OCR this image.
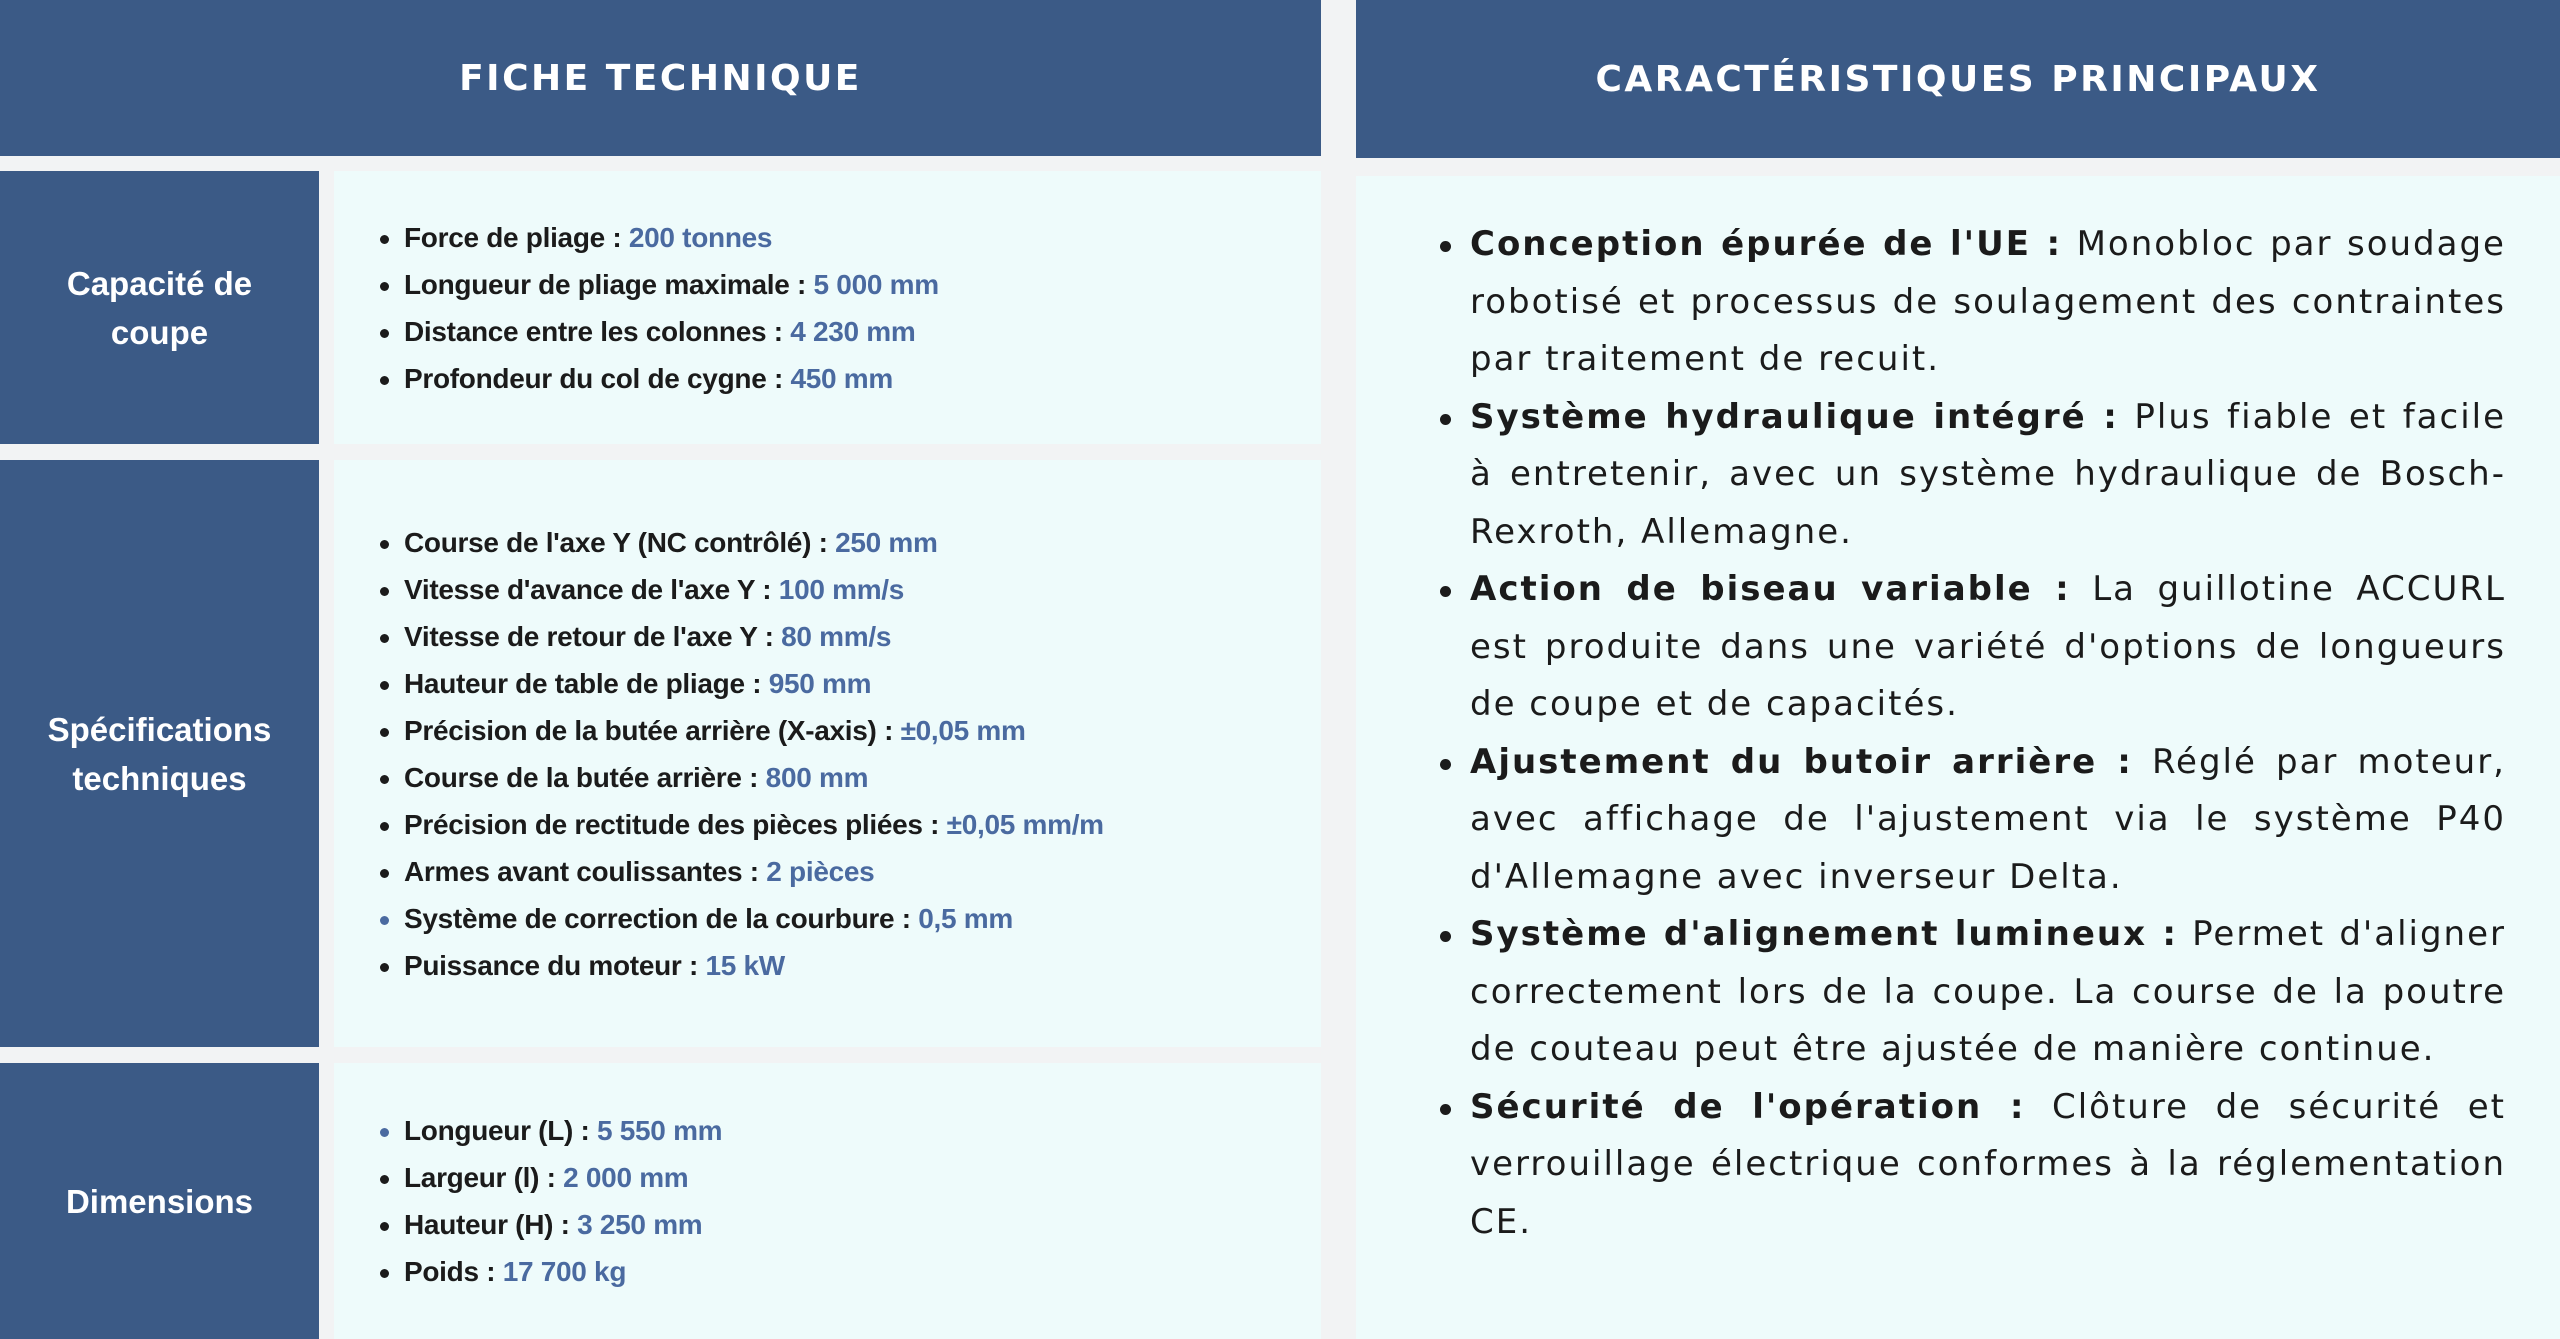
FICHE TECHNIQUE	CARACTÉRISTIQUES PRINCIPAUX
Capacité de coupe
Force de pliage : 200 tonnes
Longueur de pliage maximale : 5 000 mm
Distance entre les colonnes : 4 230 mm
Profondeur du col de cygne : 450 mm
Spécifications techniques
Course de l'axe Y (NC contrôlé) : 250 mm
Vitesse d'avance de l'axe Y : 100 mm/s
Vitesse de retour de l'axe Y : 80 mm/s
Hauteur de table de pliage : 950 mm
Précision de la butée arrière (X-axis) : ±0,05 mm
Course de la butée arrière : 800 mm
Précision de rectitude des pièces pliées : ±0,05 mm/m
Armes avant coulissantes : 2 pièces
Système de correction de la courbure : 0,5 mm
Puissance du moteur : 15 kW
Dimensions
Longueur (L) : 5 550 mm
Largeur (l) : 2 000 mm
Hauteur (H) : 3 250 mm
Poids : 17 700 kg
Conception épurée de l'UE : Monobloc par soudage robotisé et processus de soulagement des contraintes par traitement de recuit.
Système hydraulique intégré : Plus fiable et facile à entretenir, avec un système hydraulique de Bosch-Rexroth, Allemagne.
Action de biseau variable : La guillotine ACCURL est produite dans une variété d'options de longueurs de coupe et de capacités.
Ajustement du butoir arrière : Réglé par moteur, avec affichage de l'ajustement via le système P40 d'Allemagne avec inverseur Delta.
Système d'alignement lumineux : Permet d'aligner correctement lors de la coupe. La course de la poutre de couteau peut être ajustée de manière continue.
Sécurité de l'opération : Clôture de sécurité et verrouillage électrique conformes à la réglementation CE.
